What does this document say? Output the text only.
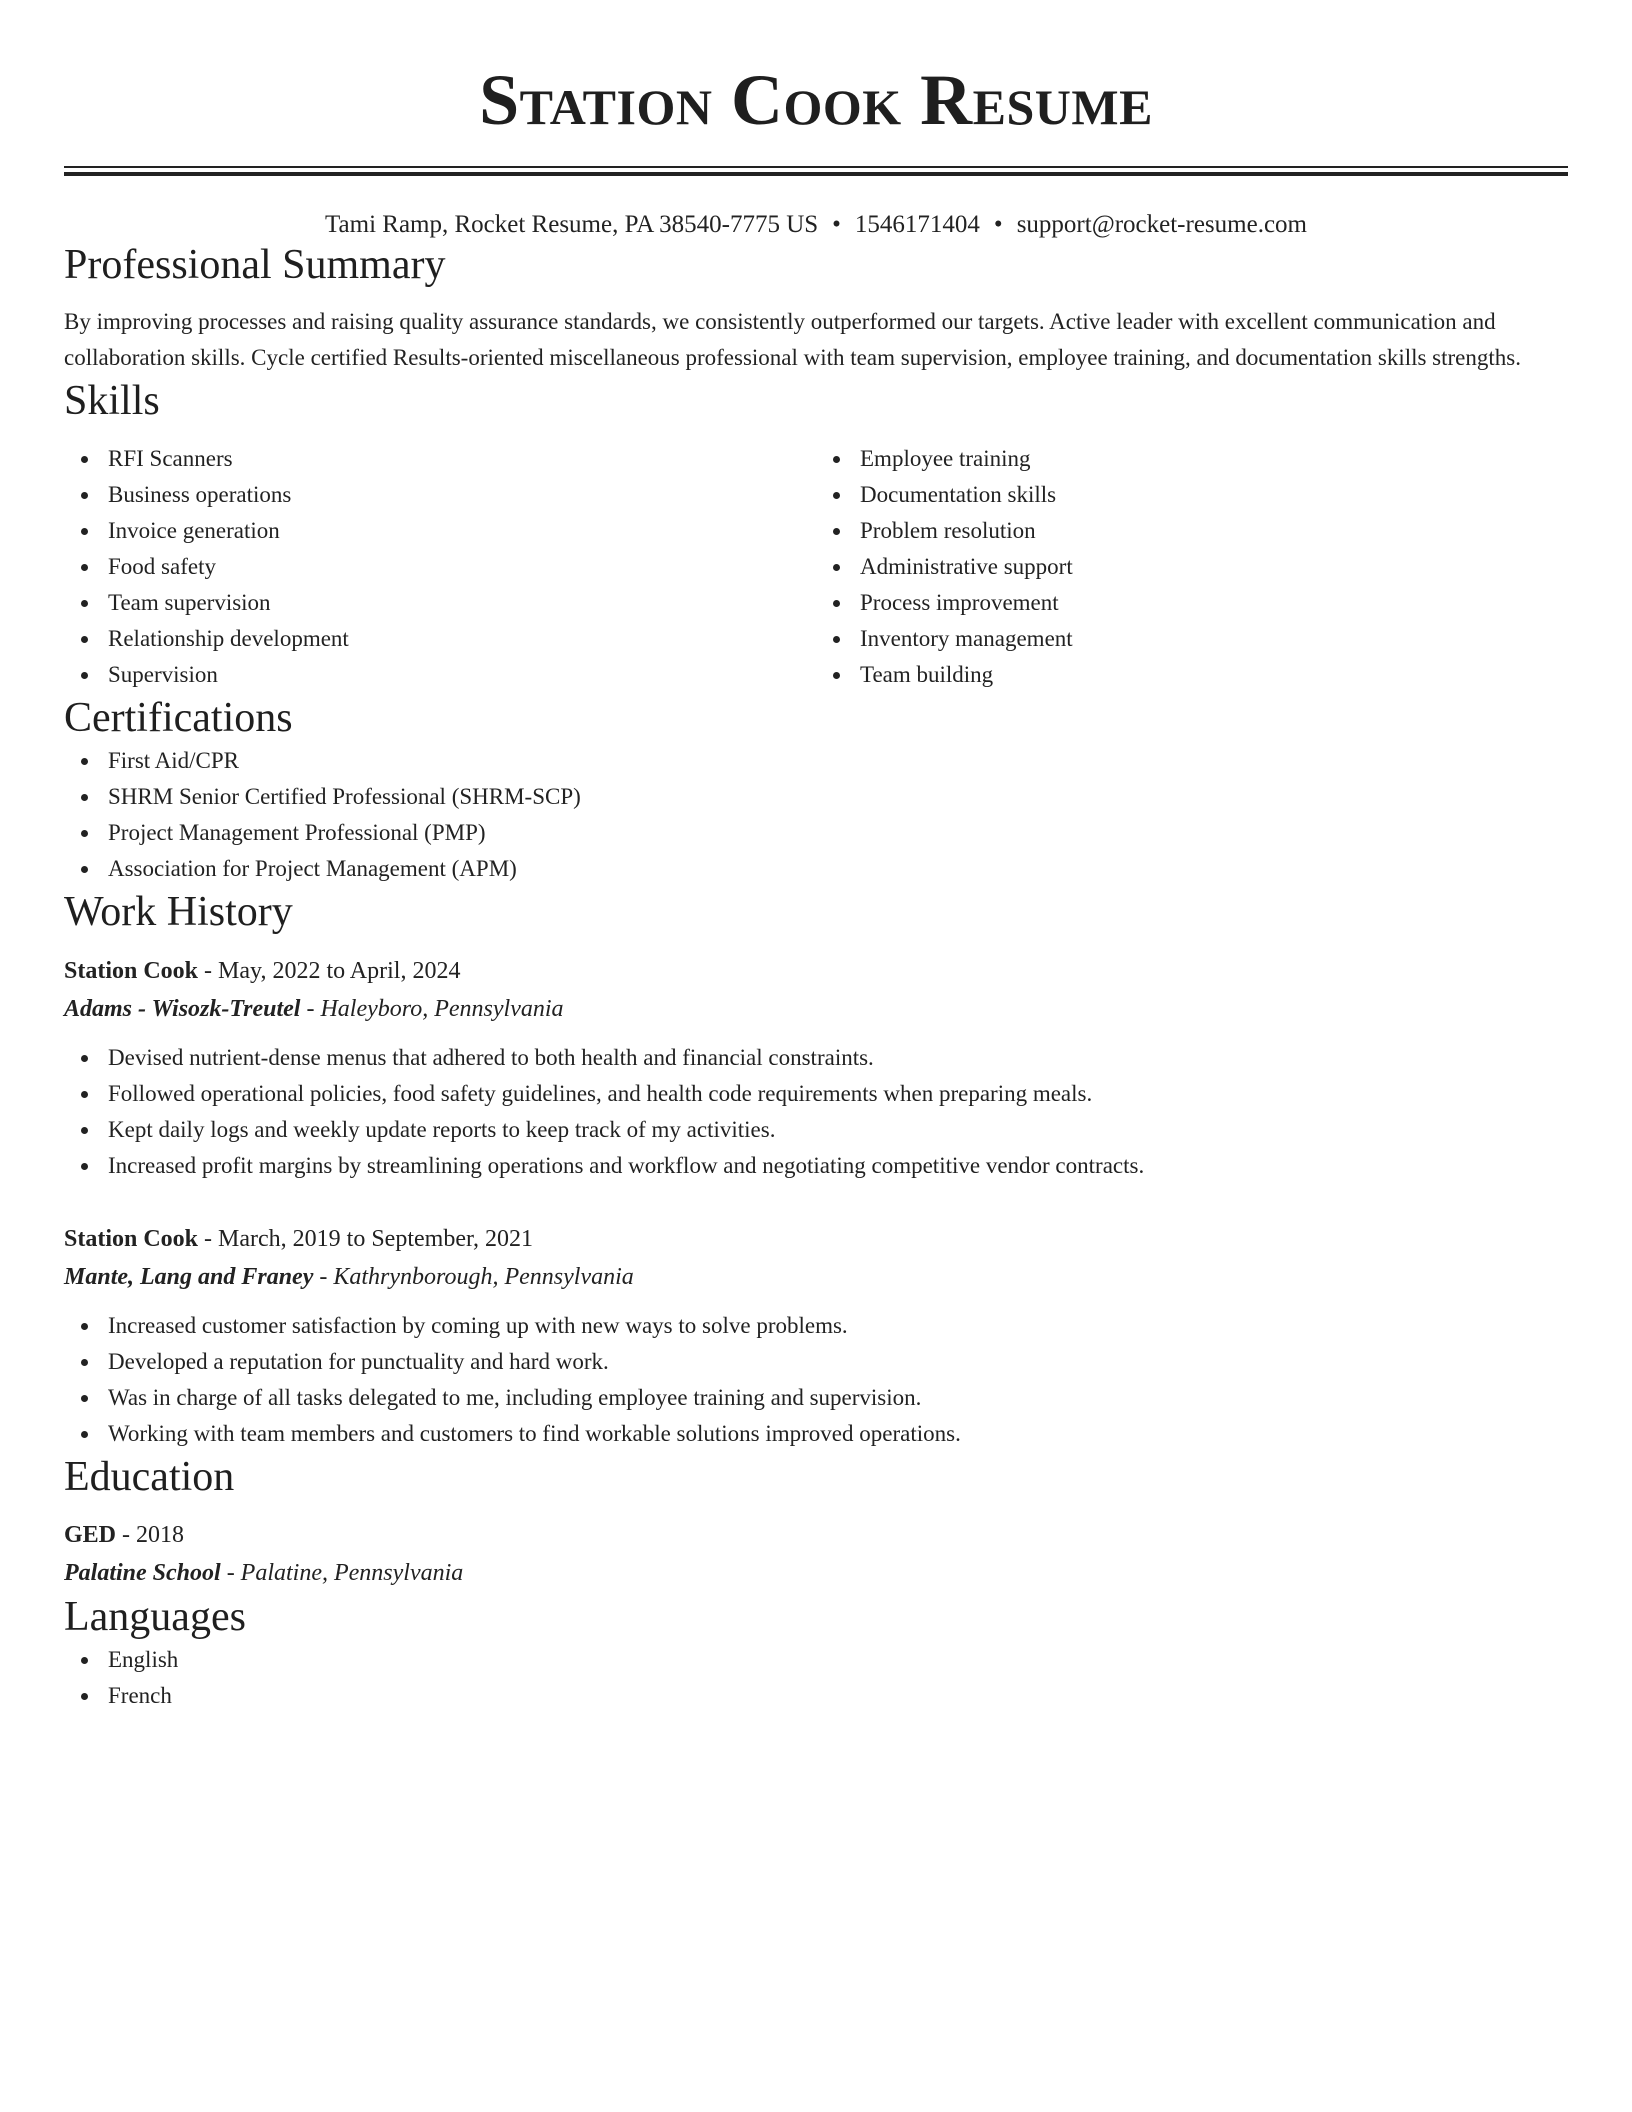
Station Cook Resume
Tami Ramp, Rocket Resume, PA 38540-7775 US • 1546171404 • support@rocket-resume.com
Professional Summary

By improving processes and raising quality assurance standards, we consistently outperformed our targets. Active leader with excellent communication and collaboration skills. Cycle certified Results-oriented miscellaneous professional with team supervision, employee training, and documentation skills strengths.

Skills
RFI Scanners
Business operations
Invoice generation
Food safety
Team supervision
Relationship development
Supervision
Employee training
Documentation skills
Problem resolution
Administrative support
Process improvement
Inventory management
Team building
Certifications
First Aid/CPR
SHRM Senior Certified Professional (SHRM-SCP)
Project Management Professional (PMP)
Association for Project Management (APM)
Work History
Station Cook - May, 2022 to April, 2024
Adams - Wisozk-Treutel - Haleyboro, Pennsylvania
Devised nutrient-dense menus that adhered to both health and financial constraints.
Followed operational policies, food safety guidelines, and health code requirements when preparing meals.
Kept daily logs and weekly update reports to keep track of my activities.
Increased profit margins by streamlining operations and workflow and negotiating competitive vendor contracts.
Station Cook - March, 2019 to September, 2021
Mante, Lang and Franey - Kathrynborough, Pennsylvania
Increased customer satisfaction by coming up with new ways to solve problems.
Developed a reputation for punctuality and hard work.
Was in charge of all tasks delegated to me, including employee training and supervision.
Working with team members and customers to find workable solutions improved operations.
Education
GED - 2018
Palatine School - Palatine, Pennsylvania
Languages
English
French
